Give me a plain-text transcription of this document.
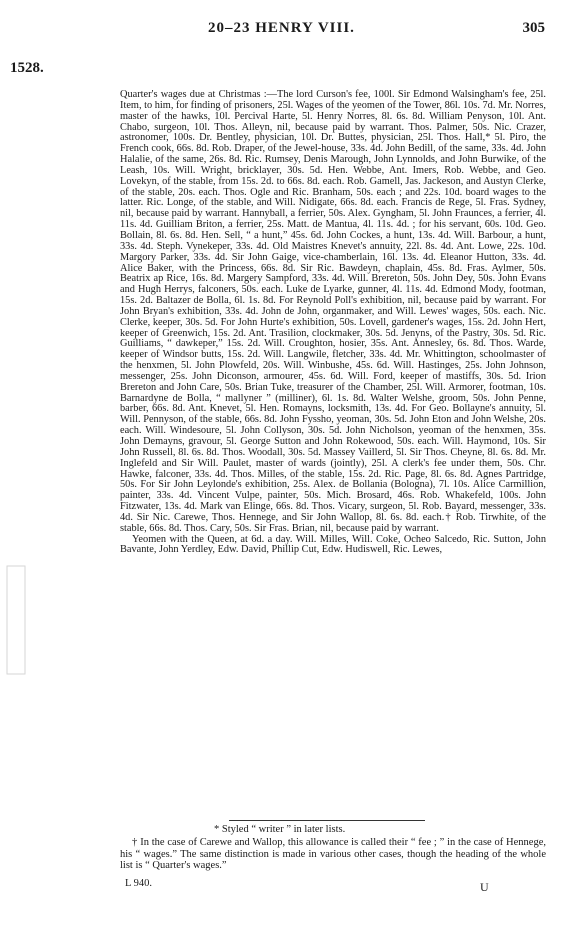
20–23 HENRY VIII.	305
1528.

Quarter's wages due at Christmas :—The lord Curson's fee, 100l. Sir Edmond Walsingham's fee, 25l. Item, to him, for finding of prisoners, 25l. Wages of the yeomen of the Tower, 86l. 10s. 7d. Mr. Norres, master of the hawks, 10l. Percival Harte, 5l. Henry Norres, 8l. 6s. 8d. William Penyson, 10l. Ant. Chabo, surgeon, 10l. Thos. Alleyn, nil, because paid by warrant. Thos. Palmer, 50s. Nic. Crazer, astronomer, 100s. Dr. Bentley, physician, 10l. Dr. Buttes, physician, 25l. Thos. Hall,* 5l. Piro, the French cook, 66s. 8d. Rob. Draper, of the Jewel-house, 33s. 4d. John Bedill, of the same, 33s. 4d. John Halalie, of the same, 26s. 8d. Ric. Rumsey, Denis Marough, John Lynnolds, and John Burwike, of the Leash, 10s. Will. Wright, bricklayer, 30s. 5d. Hen. Webbe, Ant. Imers, Rob. Webbe, and Geo. Lovekyn, of the stable, from 15s. 2d. to 66s. 8d. each. Rob. Gamell, Jas. Jackeson, and Austyn Clerke, of the stable, 20s. each. Thos. Ogle and Ric. Branham, 50s. each ; and 22s. 10d. board wages to the latter. Ric. Longe, of the stable, and Will. Nidigate, 66s. 8d. each. Francis de Rege, 5l. Fras. Sydney, nil, because paid by warrant. Hannyball, a ferrier, 50s. Alex. Gyngham, 5l. John Fraunces, a ferrier, 4l. 11s. 4d. Guilliam Briton, a ferrier, 25s. Matt. de Mantua, 4l. 11s. 4d. ; for his servant, 60s. 10d. Geo. Bollain, 8l. 6s. 8d. Hen. Sell, “ a hunt,” 45s. 6d. John Cockes, a hunt, 13s. 4d. Will. Barbour, a hunt, 33s. 4d. Steph. Vynekeper, 33s. 4d. Old Maistres Knevet's annuity, 22l. 8s. 4d. Ant. Lowe, 22s. 10d. Margory Parker, 33s. 4d. Sir John Gaige, vice-chamberlain, 16l. 13s. 4d. Eleanor Hutton, 33s. 4d. Alice Baker, with the Princess, 66s. 8d. Sir Ric. Bawdeyn, chaplain, 45s. 8d. Fras. Aylmer, 50s. Beatrix ap Rice, 16s. 8d. Margery Sampford, 33s. 4d. Will. Brereton, 50s. John Dey, 50s. John Evans and Hugh Herrys, falconers, 50s. each. Luke de Lyarke, gunner, 4l. 11s. 4d. Edmond Mody, footman, 15s. 2d. Baltazer de Bolla, 6l. 1s. 8d. For Reynold Poll's exhibition, nil, because paid by warrant. For John Bryan's exhibition, 33s. 4d. John de John, organmaker, and Will. Lewes' wages, 50s. each. Nic. Clerke, keeper, 30s. 5d. For John Hurte's exhibition, 50s. Lovell, gardener's wages, 15s. 2d. John Hert, keeper of Greenwich, 15s. 2d. Ant. Trasilion, clockmaker, 30s. 5d. Jenyns, of the Pastry, 30s. 5d. Ric. Guilliams, “ dawkeper,” 15s. 2d. Will. Croughton, hosier, 35s. Ant. Annesley, 6s. 8d. Thos. Warde, keeper of Windsor butts, 15s. 2d. Will. Langwile, fletcher, 33s. 4d. Mr. Whittington, schoolmaster of the henxmen, 5l. John Plowfeld, 20s. Will. Winbushe, 45s. 6d. Will. Hastinges, 25s. John Johnson, messenger, 25s. John Diconson, armourer, 45s. 6d. Will. Ford, keeper of mastiffs, 30s. 5d. Irion Brereton and John Care, 50s. Brian Tuke, treasurer of the Chamber, 25l. Will. Armorer, footman, 10s. Barnardyne de Bolla, “ mallyner ” (milliner), 6l. 1s. 8d. Walter Welshe, groom, 50s. John Penne, barber, 66s. 8d. Ant. Knevet, 5l. Hen. Romayns, locksmith, 13s. 4d. For Geo. Bollayne's annuity, 5l. Will. Pennyson, of the stable, 66s. 8d. John Fyssho, yeoman, 30s. 5d. John Eton and John Welshe, 20s. each. Will. Windesoure, 5l. John Collyson, 30s. 5d. John Nicholson, yeoman of the henxmen, 35s. John Demayns, gravour, 5l. George Sutton and John Rokewood, 50s. each. Will. Haymond, 10s. Sir John Russell, 8l. 6s. 8d. Thos. Woodall, 30s. 5d. Massey Vaillerd, 5l. Sir Thos. Cheyne, 8l. 6s. 8d. Mr. Inglefeld and Sir Will. Paulet, master of wards (jointly), 25l. A clerk's fee under them, 50s. Chr. Hawke, falconer, 33s. 4d. Thos. Milles, of the stable, 15s. 2d. Ric. Page, 8l. 6s. 8d. Agnes Partridge, 50s. For Sir John Leylonde's exhibition, 25s. Alex. de Bollania (Bologna), 7l. 10s. Alice Carmillion, painter, 33s. 4d. Vincent Vulpe, painter, 50s. Mich. Brosard, 46s. Rob. Whakefeld, 100s. John Fitzwater, 13s. 4d. Mark van Elinge, 66s. 8d. Thos. Vicary, surgeon, 5l. Rob. Bayard, messenger, 33s. 4d. Sir Nic. Carewe, Thos. Hennege, and Sir John Wallop, 8l. 6s. 8d. each.† Rob. Tirwhite, of the stable, 66s. 8d. Thos. Cary, 50s. Sir Fras. Brian, nil, because paid by warrant.

Yeomen with the Queen, at 6d. a day. Will. Milles, Will. Coke, Ocheo Salcedo, Ric. Sutton, John Bavante, John Yerdley, Edw. David, Phillip Cut, Edw. Hudiswell, Ric. Lewes,

* Styled “ writer ” in later lists.
† In the case of Carewe and Wallop, this allowance is called their “ fee ; ” in the case of Hennege, his “ wages.” The same distinction is made in various other cases, though the heading of the whole list is “ Quarter's wages.”
L 940.	U
